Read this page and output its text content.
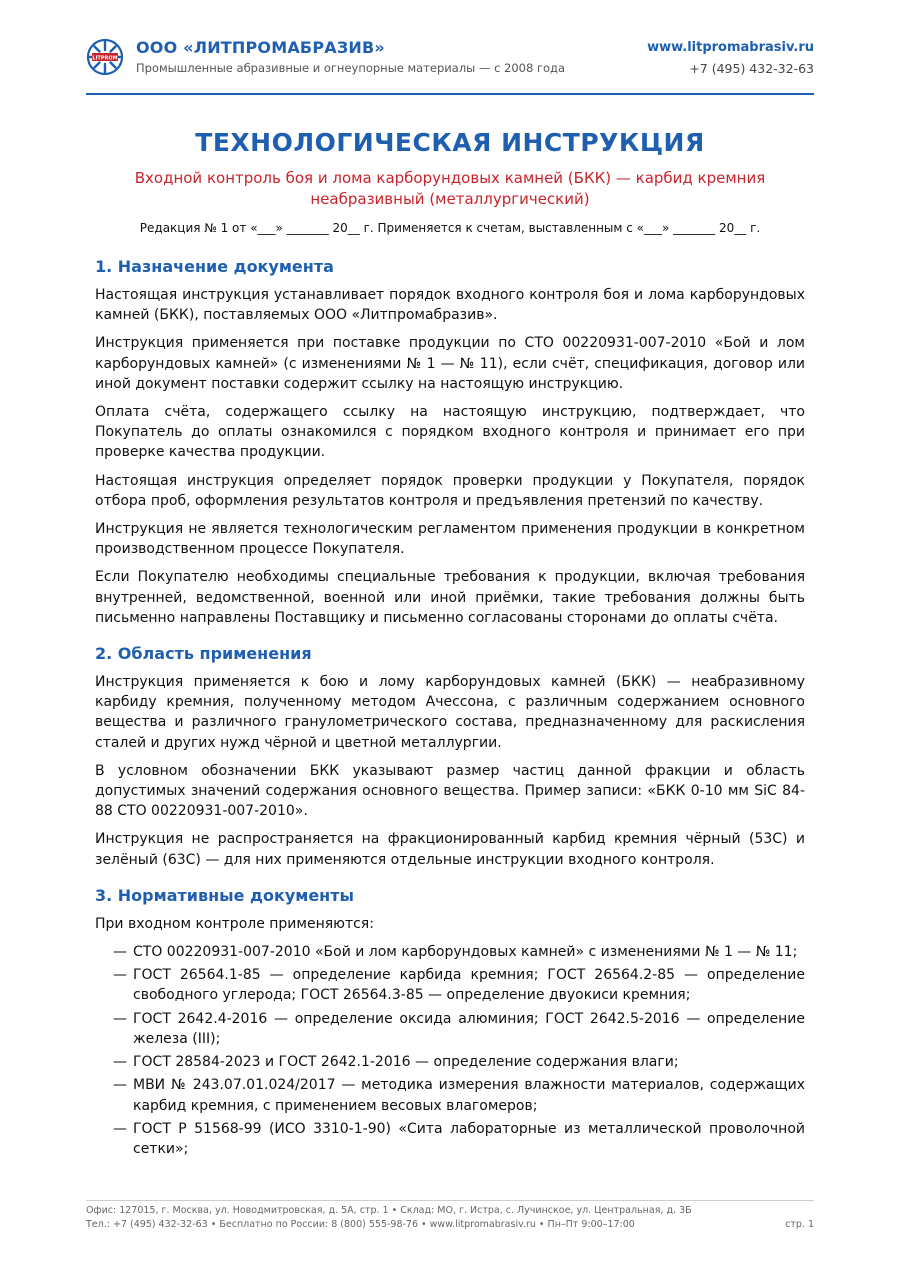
LITPROM
ООО «ЛИТПРОМАБРАЗИВ»
Промышленные абразивные и огнеупорные материалы — с 2008 года
www.litpromabrasiv.ru
+7 (495) 432-32-63
ТЕХНОЛОГИЧЕСКАЯ ИНСТРУКЦИЯ
Входной контроль боя и лома карборундовых камней (БКК) — карбид кремния
неабразивный (металлургический)
Редакция № 1 от «___» _______ 20__ г. Применяется к счетам, выставленным с «___» _______ 20__ г.
1. Назначение документа

Настоящая инструкция устанавливает порядок входного контроля боя и лома карборундовых камней (БКК), поставляемых ООО «Литпромабразив».

Инструкция применяется при поставке продукции по СТО 00220931-007-2010 «Бой и лом карборундовых камней» (с изменениями № 1 — № 11), если счёт, спецификация, договор или иной документ поставки содержит ссылку на настоящую инструкцию.

Оплата счёта, содержащего ссылку на настоящую инструкцию, подтверждает, что Покупатель до оплаты ознакомился с порядком входного контроля и принимает его при проверке качества продукции.

Настоящая инструкция определяет порядок проверки продукции у Покупателя, порядок отбора проб, оформления результатов контроля и предъявления претензий по качеству.

Инструкция не является технологическим регламентом применения продукции в конкретном производственном процессе Покупателя.

Если Покупателю необходимы специальные требования к продукции, включая требования внутренней, ведомственной, военной или иной приёмки, такие требования должны быть письменно направлены Поставщику и письменно согласованы сторонами до оплаты счёта.

2. Область применения

Инструкция применяется к бою и лому карборундовых камней (БКК) — неабразивному карбиду кремния, полученному методом Ачессона, с различным содержанием основного вещества и различного гранулометрического состава, предназначенному для раскисления сталей и других нужд чёрной и цветной металлургии.

В условном обозначении БКК указывают размер частиц данной фракции и область допустимых значений содержания основного вещества. Пример записи: «БКК 0-10 мм SiC 84-88 СТО 00220931-007-2010».

Инструкция не распространяется на фракционированный карбид кремния чёрный (53С) и зелёный (63С) — для них применяются отдельные инструкции входного контроля.

3. Нормативные документы

При входном контроле применяются:

— СТО 00220931-007-2010 «Бой и лом карборундовых камней» с изменениями № 1 — № 11;
— ГОСТ 26564.1-85 — определение карбида кремния; ГОСТ 26564.2-85 — определение свободного углерода; ГОСТ 26564.3-85 — определение двуокиси кремния;
— ГОСТ 2642.4-2016 — определение оксида алюминия; ГОСТ 2642.5-2016 — определение железа (III);
— ГОСТ 28584-2023 и ГОСТ 2642.1-2016 — определение содержания влаги;
— МВИ № 243.07.01.024/2017 — методика измерения влажности материалов, содержащих карбид кремния, с применением весовых влагомеров;
— ГОСТ Р 51568-99 (ИСО 3310-1-90) «Сита лабораторные из металлической проволочной сетки»;
Офис: 127015, г. Москва, ул. Новодмитровская, д. 5А, стр. 1 • Склад: МО, г. Истра, с. Лучинское, ул. Центральная, д. 3Б
Тел.: +7 (495) 432-32-63 • Бесплатно по России: 8 (800) 555-98-76 • www.litpromabrasiv.ru • Пн–Пт 9:00–17:00	стр. 1
